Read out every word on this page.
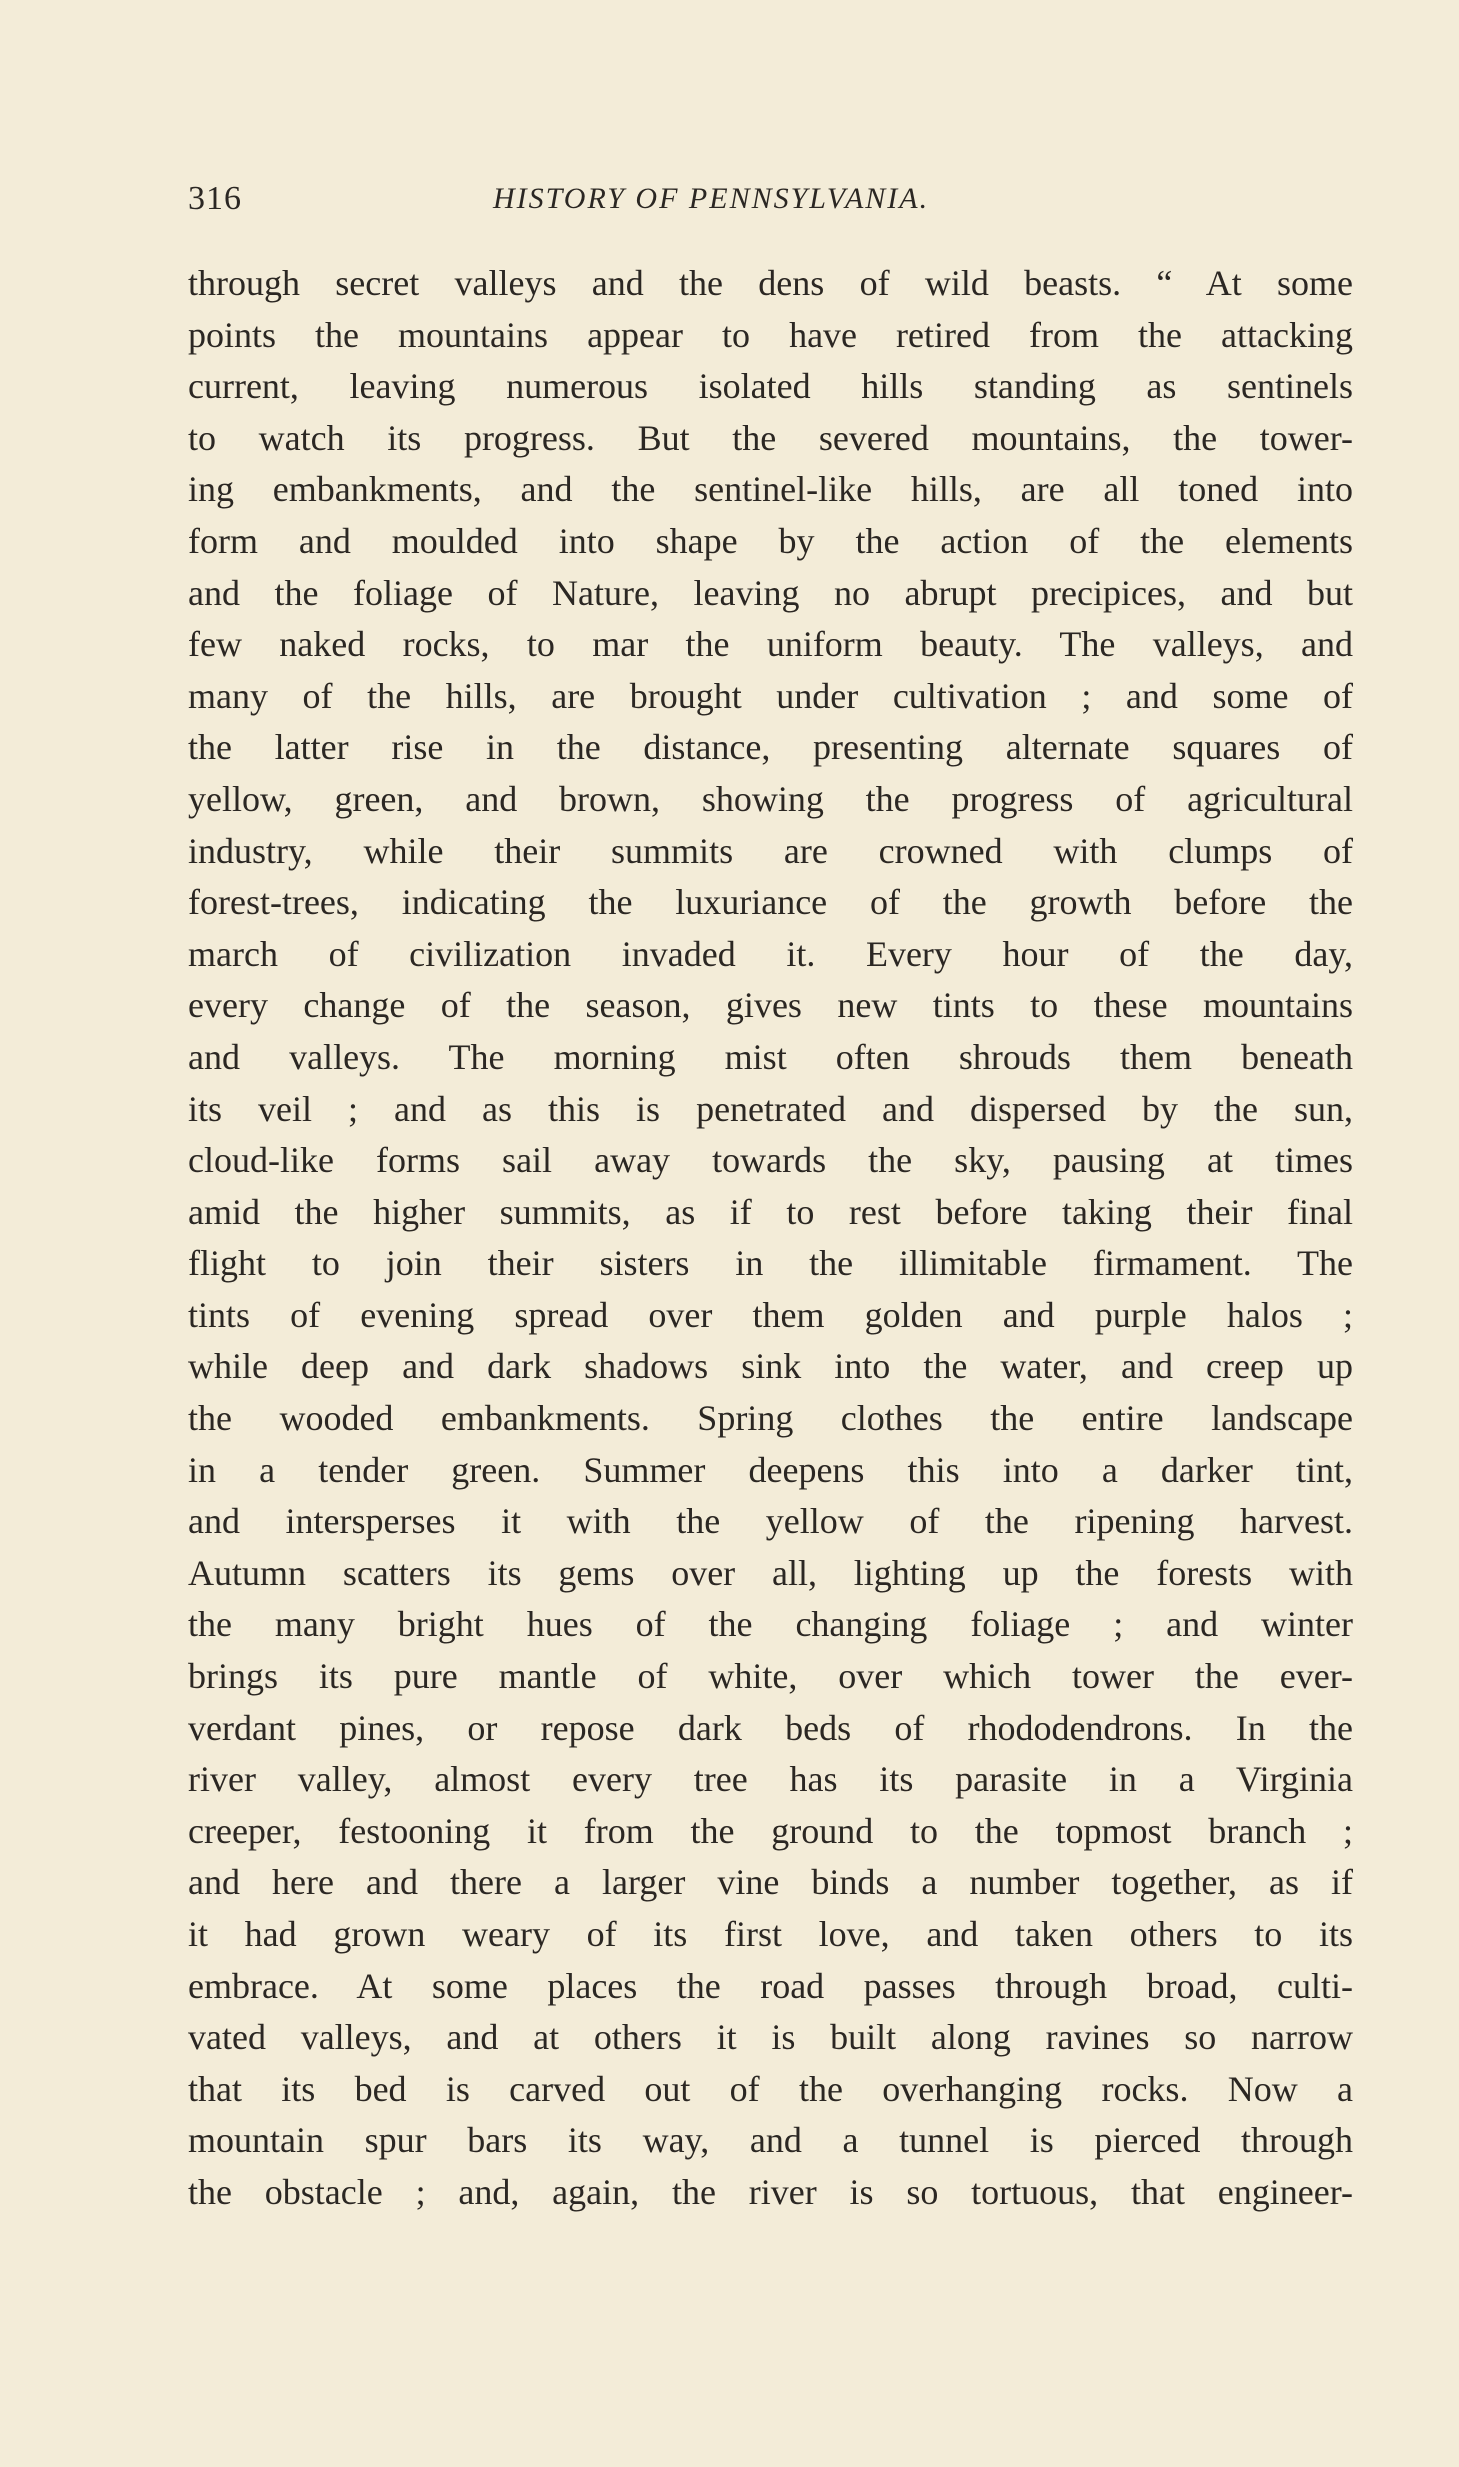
316	HISTORY OF PENNSYLVANIA.
through secret valleys and the dens of wild beasts. “ At some
points the mountains appear to have retired from the attacking
current, leaving numerous isolated hills standing as sentinels
to watch its progress. But the severed mountains, the tower-
ing embankments, and the sentinel-like hills, are all toned into
form and moulded into shape by the action of the elements
and the foliage of Nature, leaving no abrupt precipices, and but
few naked rocks, to mar the uniform beauty. The valleys, and
many of the hills, are brought under cultivation ; and some of
the latter rise in the distance, presenting alternate squares of
yellow, green, and brown, showing the progress of agricultural
industry, while their summits are crowned with clumps of
forest-trees, indicating the luxuriance of the growth before the
march of civilization invaded it. Every hour of the day,
every change of the season, gives new tints to these mountains
and valleys. The morning mist often shrouds them beneath
its veil ; and as this is penetrated and dispersed by the sun,
cloud-like forms sail away towards the sky, pausing at times
amid the higher summits, as if to rest before taking their final
flight to join their sisters in the illimitable firmament. The
tints of evening spread over them golden and purple halos ;
while deep and dark shadows sink into the water, and creep up
the wooded embankments. Spring clothes the entire landscape
in a tender green. Summer deepens this into a darker tint,
and intersperses it with the yellow of the ripening harvest.
Autumn scatters its gems over all, lighting up the forests with
the many bright hues of the changing foliage ; and winter
brings its pure mantle of white, over which tower the ever-
verdant pines, or repose dark beds of rhododendrons. In the
river valley, almost every tree has its parasite in a Virginia
creeper, festooning it from the ground to the topmost branch ;
and here and there a larger vine binds a number together, as if
it had grown weary of its first love, and taken others to its
embrace. At some places the road passes through broad, culti-
vated valleys, and at others it is built along ravines so narrow
that its bed is carved out of the overhanging rocks. Now a
mountain spur bars its way, and a tunnel is pierced through
the obstacle ; and, again, the river is so tortuous, that engineer-
